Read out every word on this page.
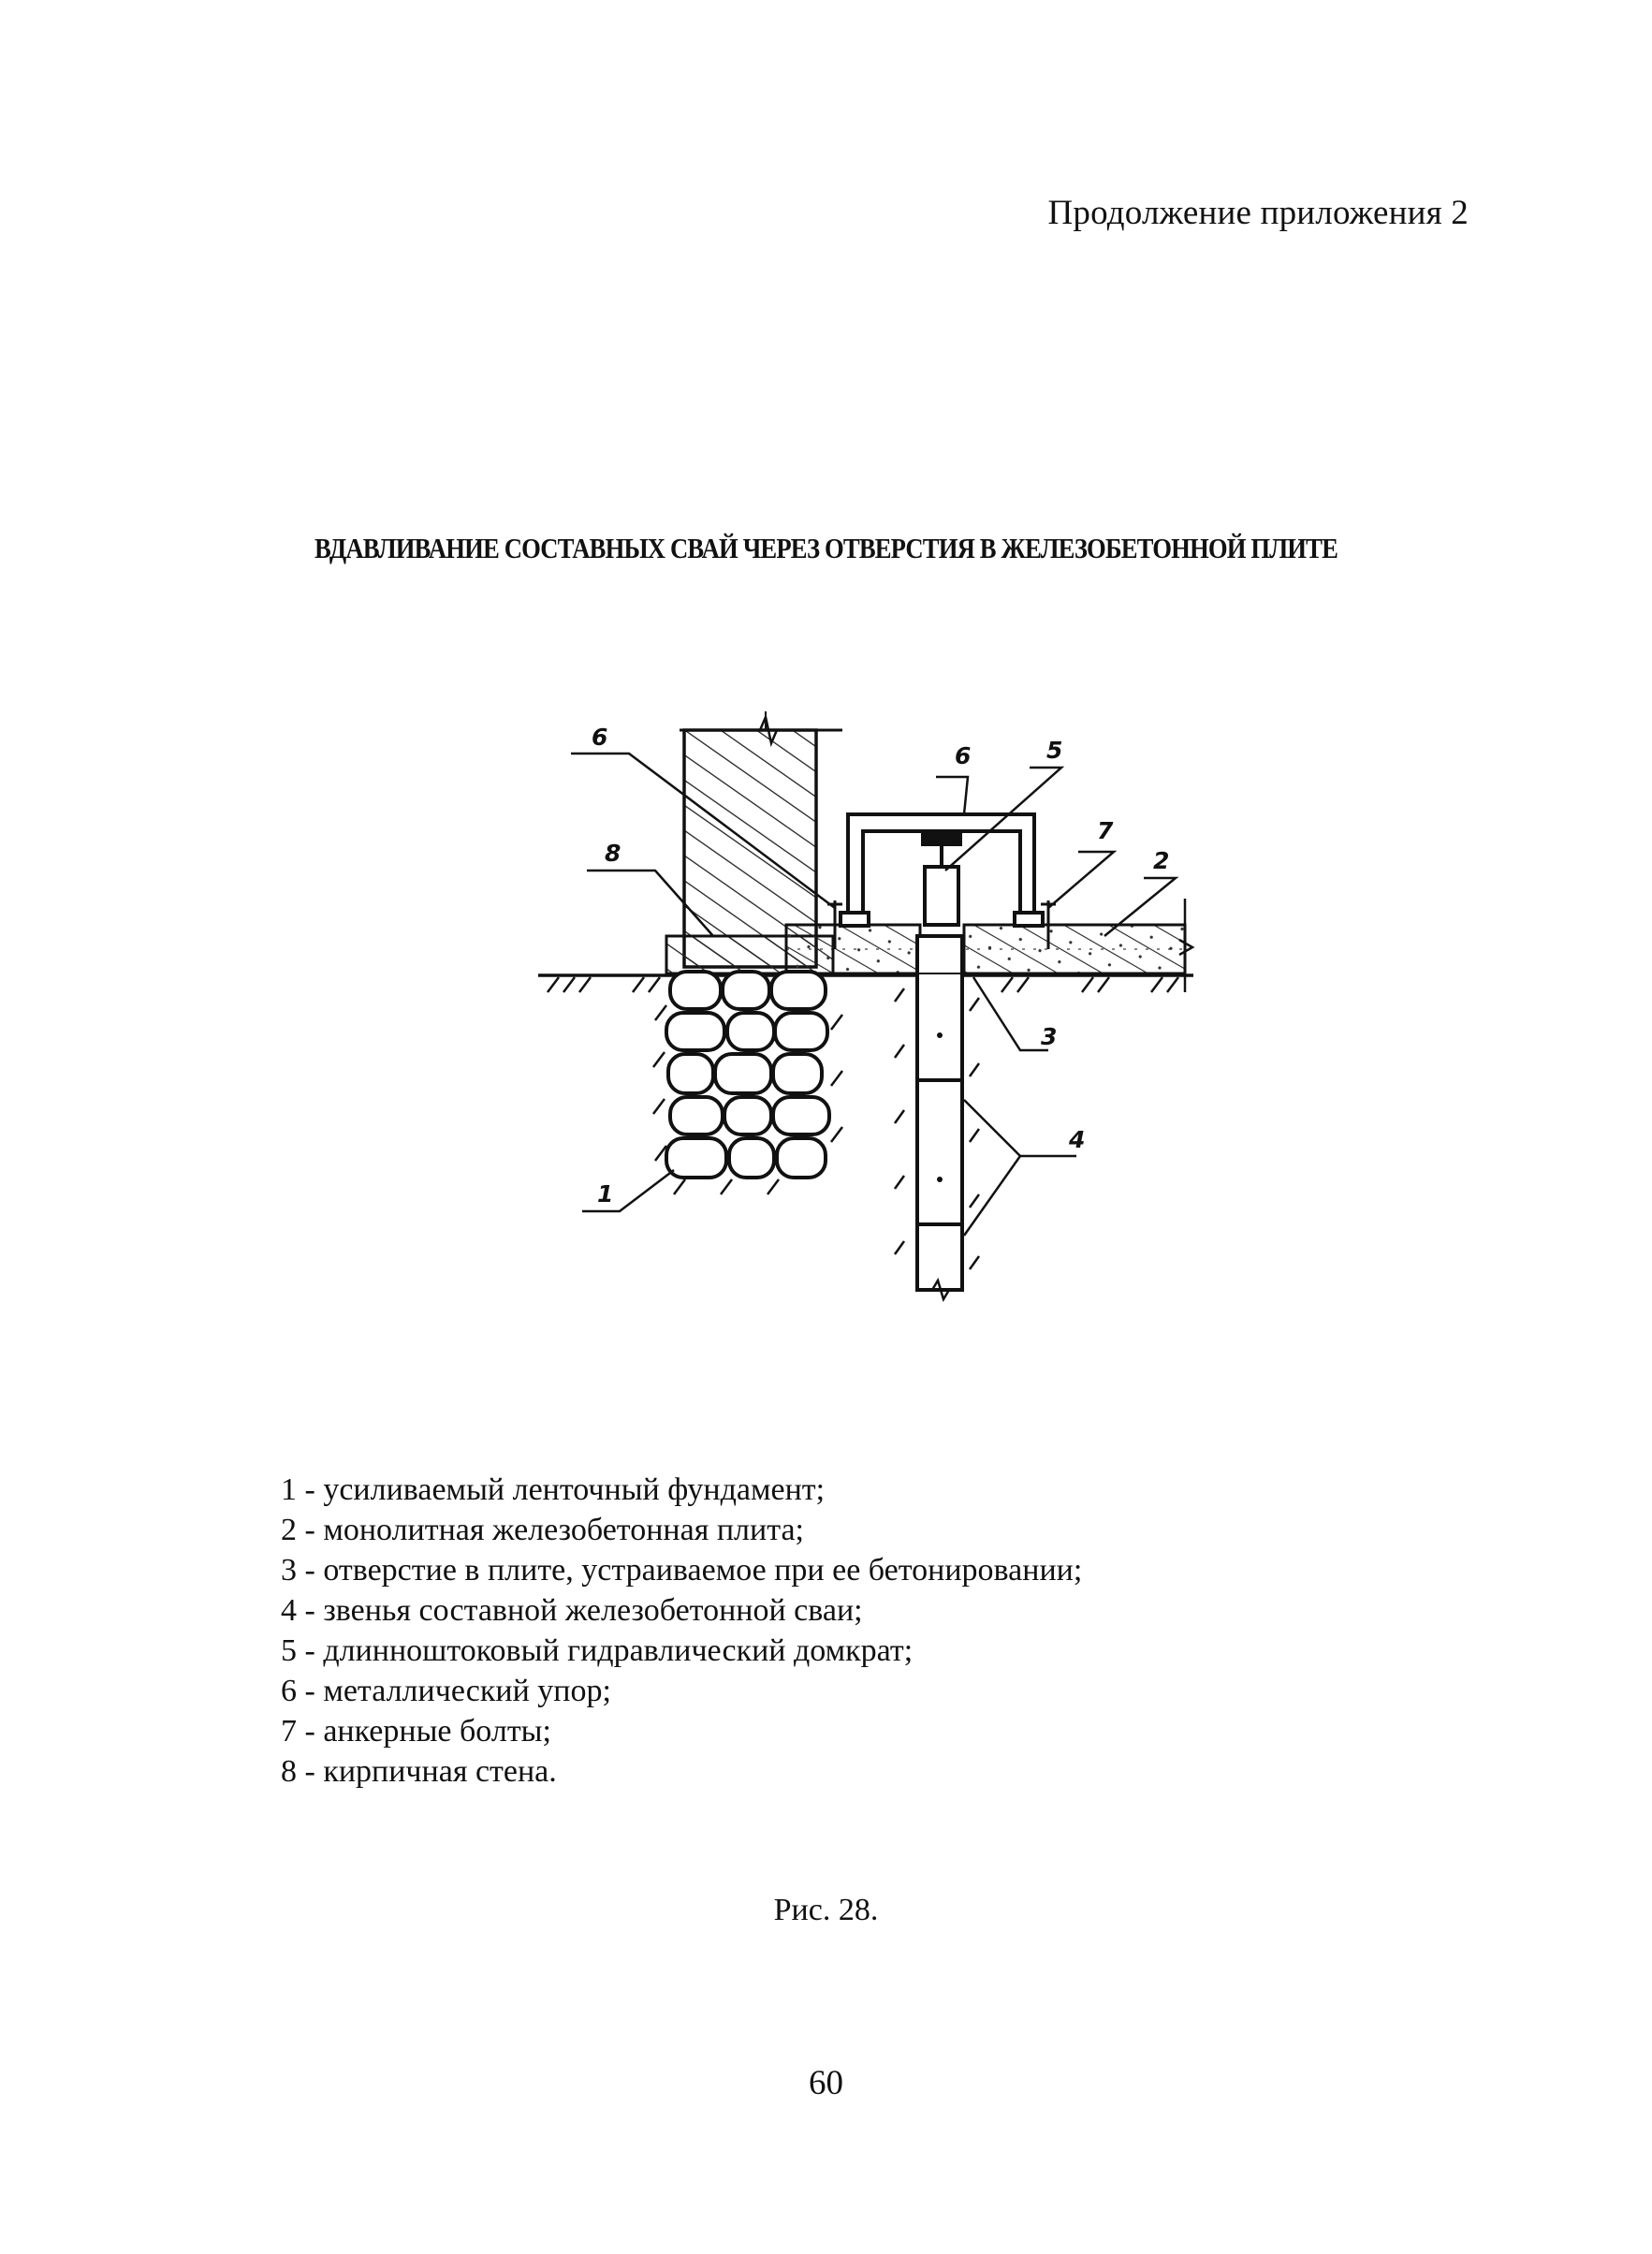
Продолжение приложения 2
ВДАВЛИВАНИЕ СОСТАВНЫХ СВАЙ ЧЕРЕЗ ОТВЕРСТИЯ В ЖЕЛЕЗОБЕТОННОЙ ПЛИТЕ
6
8
6	5
7
2
3
4
1
1 - усиливаемый ленточный фундамент;
2 - монолитная железобетонная плита;
3 - отверстие в плите, устраиваемое при ее бетонировании;
4 - звенья составной железобетонной сваи;
5 - длинноштоковый гидравлический домкрат;
6 - металлический упор;
7 - анкерные болты;
8 - кирпичная стена.
Рис. 28.
60
